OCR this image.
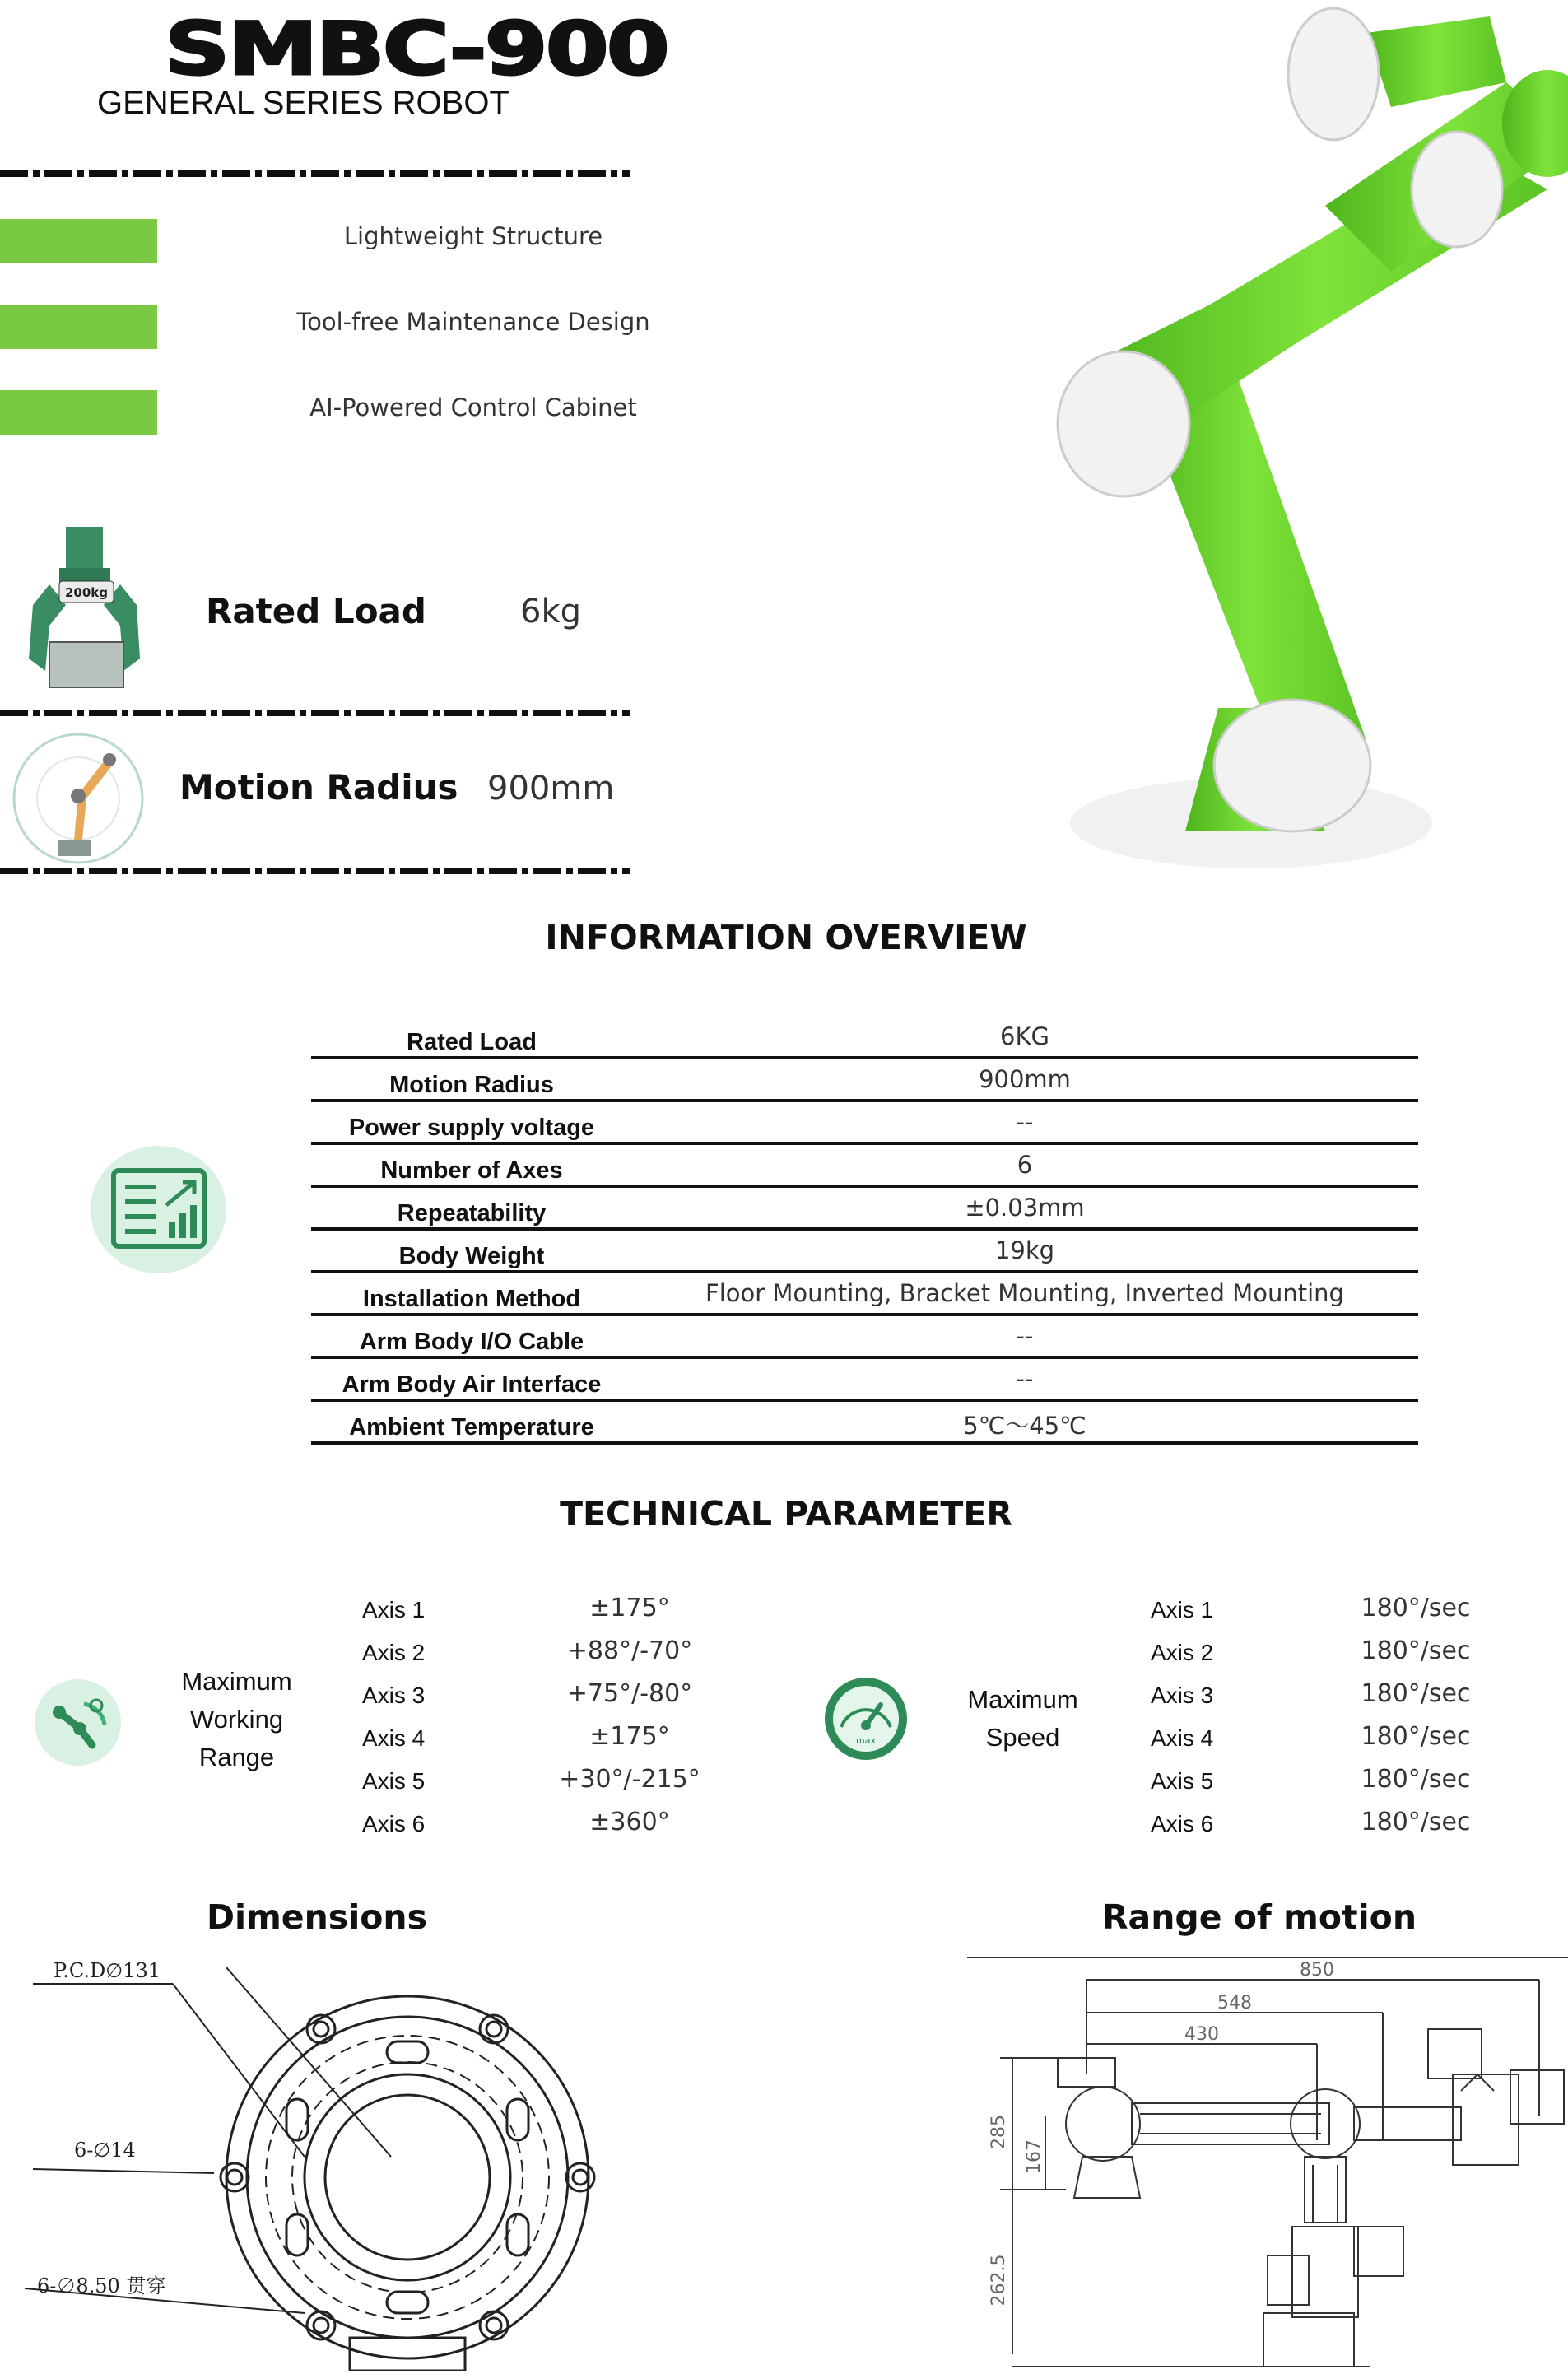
SMBC-900
GENERAL SERIES ROBOT
Lightweight Structure
Tool-free Maintenance Design
AI-Powered Control Cabinet
200kg	Rated Load	6kg
Motion Radius 900mm
INFORMATION OVERVIEW
Rated Load	6KG
Motion Radius	900mm
Power supply voltage	--
Number of Axes	6
Repeatability	±0.03mm
Body Weight	19kg
Installation Method	Floor Mounting, Bracket Mounting, Inverted Mounting
Arm Body I/O Cable	--
Arm Body Air Interface	--
Ambient Temperature	5℃～45℃
TECHNICAL PARAMETER
Maximum
Working
Range
Axis 1	±175°
Axis 2	+88°/-70°
Axis 3	+75°/-80°
Axis 4	±175°
Axis 5	+30°/-215°
Axis 6	±360°
max
Maximum
Speed
Axis 1	180°/sec
Axis 2	180°/sec
Axis 3	180°/sec
Axis 4	180°/sec
Axis 5	180°/sec
Axis 6	180°/sec
Dimensions
P.C.D∅131
6-∅14
6-∅8.50 贯穿
Range of motion
850
548
430
285
167
262.5
